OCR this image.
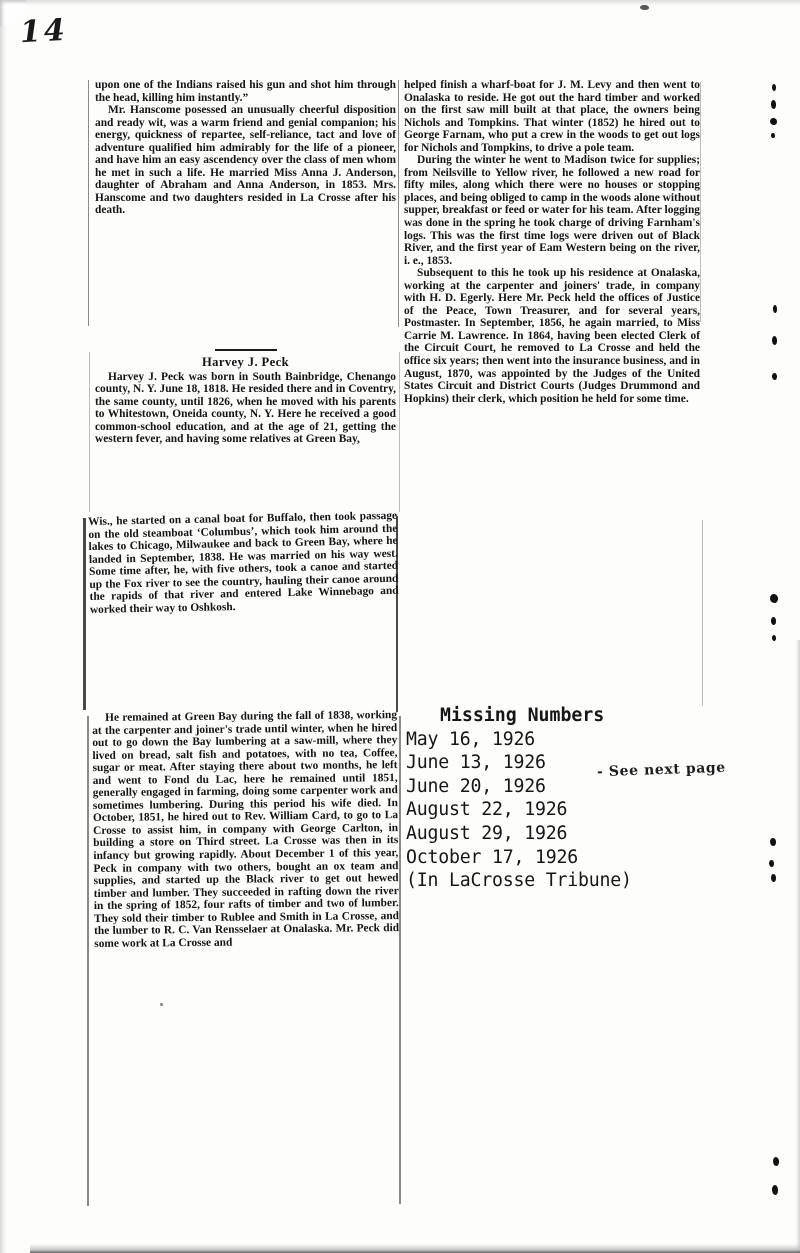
14

upon one of the Indians raised his gun and shot him through the head, killing him instantly.”

Mr. Hanscome posessed an unusually cheerful disposition and ready wit, was a warm friend and genial companion; his energy, quickness of repartee, self-reliance, tact and love of adventure qualified him admirably for the life of a pioneer, and have him an easy ascendency over the class of men whom he met in such a life. He married Miss Anna J. Anderson, daughter of Abraham and Anna Anderson, in 1853. Mrs. Hanscome and two daughters resided in La Crosse after his death.

Harvey J. Peck

Harvey J. Peck was born in South Bainbridge, Chenango county, N. Y. June 18, 1818. He resided there and in Coventry, the same county, until 1826, when he moved with his parents to Whitestown, Oneida county, N. Y. Here he received a good common-school education, and at the age of 21, getting the western fever, and having some relatives at Green Bay,

Wis., he started on a canal boat for Buffalo, then took passage on the old steamboat ‘Columbus’, which took him around the lakes to Chicago, Milwaukee and back to Green Bay, where he landed in September, 1838. He was married on his way west. Some time after, he, with five others, took a canoe and started up the Fox river to see the country, hauling their canoe around the rapids of that river and entered Lake Winnebago and worked their way to Oshkosh.

He remained at Green Bay during the fall of 1838, working at the carpenter and joiner's trade until winter, when he hired out to go down the Bay lumbering at a saw-mill, where they lived on bread, salt fish and potatoes, with no tea, Coffee, sugar or meat. After staying there about two months, he left and went to Fond du Lac, here he remained until 1851, generally engaged in farming, doing some carpenter work and sometimes lumbering. During this period his wife died. In October, 1851, he hired out to Rev. William Card, to go to La Crosse to assist him, in company with George Carlton, in building a store on Third street. La Crosse was then in its infancy but growing rapidly. About December 1 of this year, Peck in company with two others, bought an ox team and supplies, and started up the Black river to get out hewed timber and lumber. They succeeded in rafting down the river in the spring of 1852, four rafts of timber and two of lumber. They sold their timber to Rublee and Smith in La Crosse, and the lumber to R. C. Van Rensselaer at Onalaska. Mr. Peck did some work at La Crosse and

helped finish a wharf-boat for J. M. Levy and then went to Onalaska to reside. He got out the hard timber and worked on the first saw mill built at that place, the owners being Nichols and Tompkins. That winter (1852) he hired out to George Farnam, who put a crew in the woods to get out logs for Nichols and Tompkins, to drive a pole team.

During the winter he went to Madison twice for supplies; from Neilsville to Yellow river, he followed a new road for fifty miles, along which there were no houses or stopping places, and being obliged to camp in the woods alone without supper, breakfast or feed or water for his team. After logging was done in the spring he took charge of driving Farnham's logs. This was the first time logs were driven out of Black River, and the first year of Eam Western being on the river, i. e., 1853.

Subsequent to this he took up his residence at Onalaska, working at the carpenter and joiners' trade, in company with H. D. Egerly. Here Mr. Peck held the offices of Justice of the Peace, Town Treasurer, and for several years, Postmaster. In September, 1856, he again married, to Miss Carrie M. Lawrence. In 1864, having been elected Clerk of the Circuit Court, he removed to La Crosse and held the office six years; then went into the insurance business, and in August, 1870, was appointed by the Judges of the United States Circuit and District Courts (Judges Drummond and Hopkins) their clerk, which position he held for some time.

Missing Numbers
May 16, 1926
June 13, 1926
June 20, 1926
August 22, 1926
August 29, 1926
October 17, 1926
(In LaCrosse Tribune)
- See next page
